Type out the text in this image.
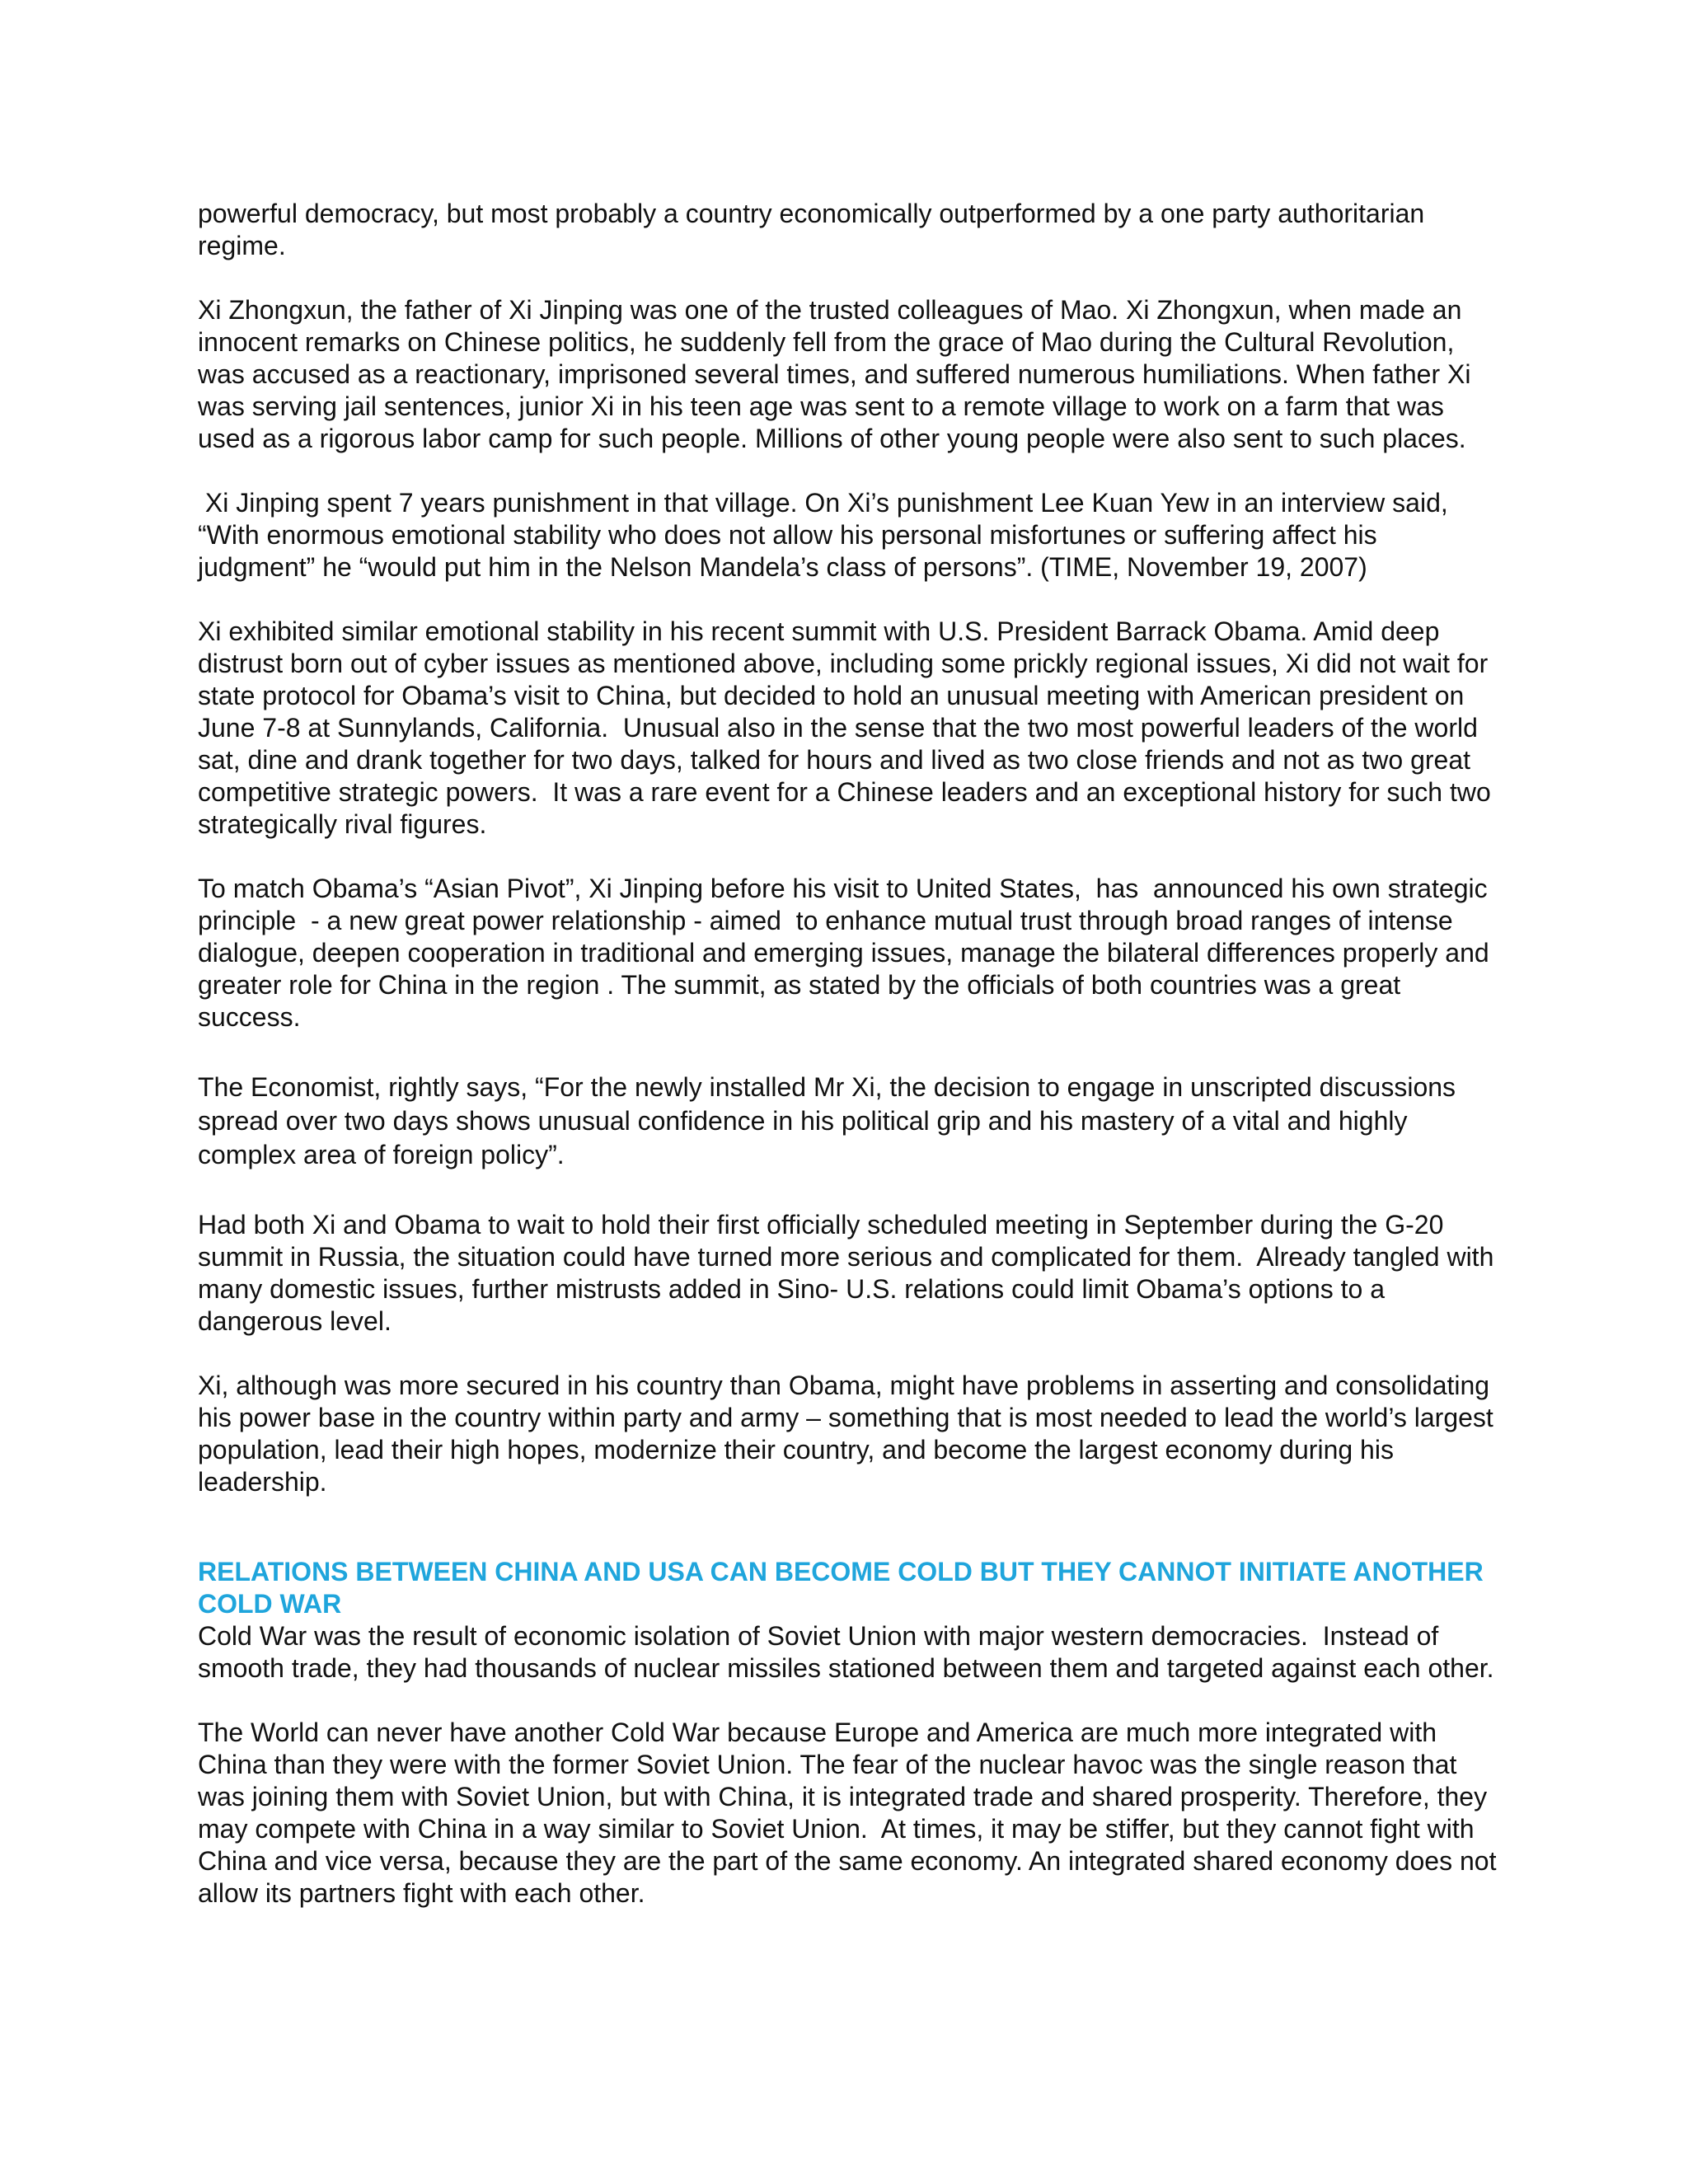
powerful democracy, but most probably a country economically outperformed by a one party authoritarian regime.

Xi Zhongxun, the father of Xi Jinping was one of the trusted colleagues of Mao. Xi Zhongxun, when made an innocent remarks on Chinese politics, he suddenly fell from the grace of Mao during the Cultural Revolution, was accused as a reactionary, imprisoned several times, and suffered numerous humiliations. When father Xi was serving jail sentences, junior Xi in his teen age was sent to a remote village to work on a farm that was used as a rigorous labor camp for such people. Millions of other young people were also sent to such places.

Xi Jinping spent 7 years punishment in that village. On Xi’s punishment Lee Kuan Yew in an interview said, “With enormous emotional stability who does not allow his personal misfortunes or suffering affect his judgment” he “would put him in the Nelson Mandela’s class of persons”. (TIME, November 19, 2007)

Xi exhibited similar emotional stability in his recent summit with U.S. President Barrack Obama. Amid deep distrust born out of cyber issues as mentioned above, including some prickly regional issues, Xi did not wait for state protocol for Obama’s visit to China, but decided to hold an unusual meeting with American president on June 7-8 at Sunnylands, California.  Unusual also in the sense that the two most powerful leaders of the world sat, dine and drank together for two days, talked for hours and lived as two close friends and not as two great competitive strategic powers.  It was a rare event for a Chinese leaders and an exceptional history for such two strategically rival figures.

To match Obama’s “Asian Pivot”, Xi Jinping before his visit to United States,  has  announced his own strategic principle  - a new great power relationship - aimed  to enhance mutual trust through broad ranges of intense dialogue, deepen cooperation in traditional and emerging issues, manage the bilateral differences properly and greater role for China in the region . The summit, as stated by the officials of both countries was a great success.

The Economist, rightly says, “For the newly installed Mr Xi, the decision to engage in unscripted discussions spread over two days shows unusual confidence in his political grip and his mastery of a vital and highly complex area of foreign policy”.

Had both Xi and Obama to wait to hold their first officially scheduled meeting in September during the G-20 summit in Russia, the situation could have turned more serious and complicated for them.  Already tangled with many domestic issues, further mistrusts added in Sino- U.S. relations could limit Obama’s options to a dangerous level.

Xi, although was more secured in his country than Obama, might have problems in asserting and consolidating his power base in the country within party and army – something that is most needed to lead the world’s largest population, lead their high hopes, modernize their country, and become the largest economy during his leadership.

RELATIONS BETWEEN CHINA AND USA CAN BECOME COLD BUT THEY CANNOT INITIATE ANOTHER COLD WAR

Cold War was the result of economic isolation of Soviet Union with major western democracies.  Instead of smooth trade, they had thousands of nuclear missiles stationed between them and targeted against each other.

The World can never have another Cold War because Europe and America are much more integrated with China than they were with the former Soviet Union. The fear of the nuclear havoc was the single reason that was joining them with Soviet Union, but with China, it is integrated trade and shared prosperity. Therefore, they may compete with China in a way similar to Soviet Union.  At times, it may be stiffer, but they cannot fight with China and vice versa, because they are the part of the same economy. An integrated shared economy does not allow its partners fight with each other.
